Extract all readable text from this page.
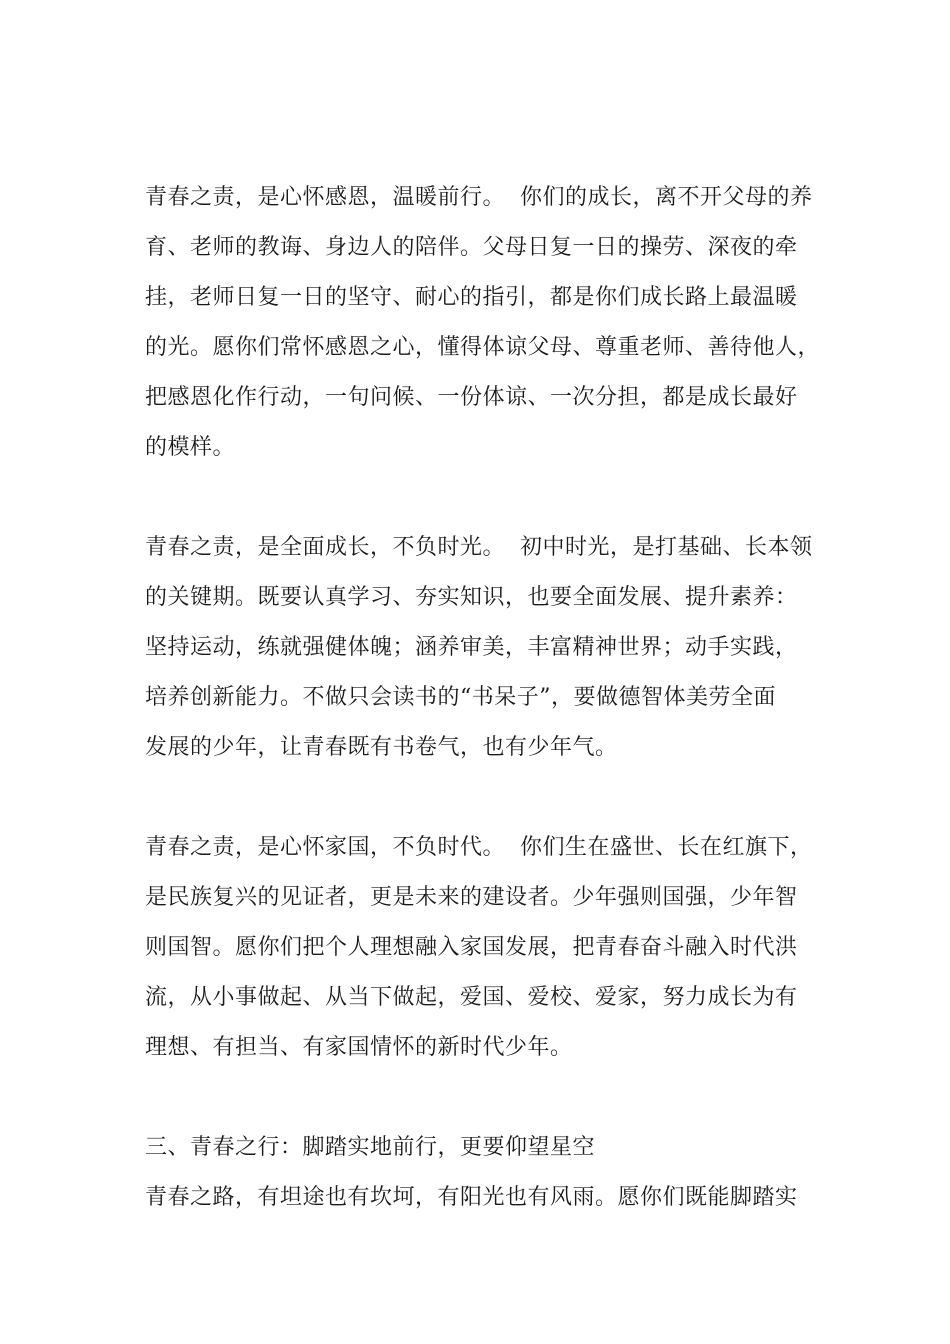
青春之责，是心怀感恩，温暖前行。  你们的成长，离不开父母的养
育、老师的教诲、身边人的陪伴。父母日复一日的操劳、深夜的牵
挂，老师日复一日的坚守、耐心的指引，都是你们成长路上最温暖
的光。愿你们常怀感恩之心，懂得体谅父母、尊重老师、善待他人，
把感恩化作行动，一句问候、一份体谅、一次分担，都是成长最好
的模样。
青春之责，是全面成长，不负时光。  初中时光，是打基础、长本领
的关键期。既要认真学习、夯实知识，也要全面发展、提升素养：
坚持运动，练就强健体魄；涵养审美，丰富精神世界；动手实践，
培养创新能力。不做只会读书的“书呆子”，要做德智体美劳全面
发展的少年，让青春既有书卷气，也有少年气。
青春之责，是心怀家国，不负时代。  你们生在盛世、长在红旗下，
是民族复兴的见证者，更是未来的建设者。少年强则国强，少年智
则国智。愿你们把个人理想融入家国发展，把青春奋斗融入时代洪
流，从小事做起、从当下做起，爱国、爱校、爱家，努力成长为有
理想、有担当、有家国情怀的新时代少年。
三、青春之行：脚踏实地前行，更要仰望星空
青春之路，有坦途也有坎坷，有阳光也有风雨。愿你们既能脚踏实
